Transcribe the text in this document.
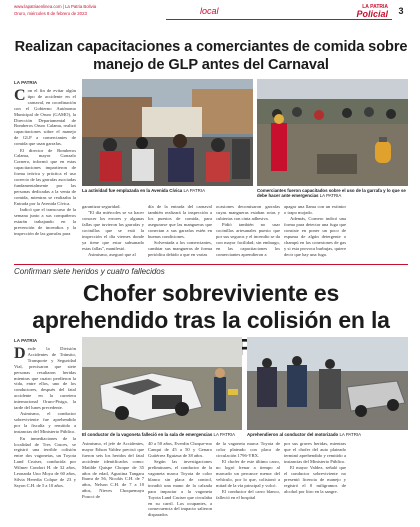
www.lapatriaenlinea.com | La Patria Bolivia
Oruro, miércoles 8 de febrero de 2023	local	LA PATRIA
Policial	3
Realizan capacitaciones a comerciantes de comida sobre manejo de GLP antes del Carnaval
LA PATRIA

Con el fin de evitar algún tipo de accidente en el carnaval, en coordinación con el Gobierno Autónomo Municipal de Oruro (GAMO), la Dirección Departamental de Bomberos Oruro Calama, realizó capacitaciones sobre el manejo de GLP a comerciantes de comida que usan garrafas.

El director de Bomberos Calama, mayor Gonzalo Cornero, informó que en estas capacitaciones impartieron de forma teórica y práctica el uso correcto de las garrafas asociadas fundamentalmente por las personas dedicadas a la venta de comida, mientras se realizaba la Entrada por la Avenida Cívica.

Indicó que el transcurso de la semana junto a sus compañeros estarán trabajando en la prevención de incendios y la inspección de las garrafas para

La actividad fue emplazada en la Avenida Cívica LA PATRIA	Comerciantes fueron capacitados sobre el uso de la garrafa y lo que se debe hacer ante emergencias LA PATRIA

garantizar seguridad.

"El día miércoles se va hacer conocer los errores y algunas fallas que tuvieron las garrafas y cocinillas que se está la inspección el día viernes donde ya tiene que estar subsanado estas fallas", manifestó.

Asimismo, aseguró que al

día de la entrada del carnaval también realizará la inspección a los puestos de comida, para asegurarse que las mangueras que conectan a sus garrafas estén en buenas condiciones.

Solventada a los comerciantes, cambiar sus mangueras de forma periódica debido a que en varias

ocasiones decomisaron garrafas cuyas mangueras estaban rotas y cubiertas con cinta adhesiva.

Pidió también no usar cocinillas artesanales puesto que por sus seguros y el incendio se da con mayor facilidad; sin embargo, en las capacitaciones los comerciantes aprendieron a

apagar una llama con un extintor o trapo mojado.

Además, Cornero indicó una forma para detectar una fuga que consiste en poner un poco de espuma de algún detergente o champú en las conexiones de gas y si esta provoca burbujas, quiere decir que hay una fuga.

Confirman siete heridos y cuatro fallecidos
Chofer sobreviviente es aprehendido tras la colisión en la
LA PATRIA

Desde la División Accidentes de Tránsito, Transporte y Seguridad Vial, precisaron que siete personas resultaron heridas mientras que cuatro perdieron la vida, entre ellos, uno de los conductores, después del fatal accidente en la carretera internacional Oruro-Pisiga, la tarde del lunes precedente.

Asimismo, el conductor sobreviviente fue aprehendido por la fiscalía y remitido a instancias del Ministerio Público.

En inmediaciones de la localidad de Tres Cruces, se registró una terrible colisión entre dos vagonetas, un Toyota Land Cruiser, conducida por Wilmer Condori H. de 32 años, Leonarda Uno Moya de 60 años, Silvia Heredia Colque de 23 y Sayon C.H. de 5 a 10 años.

El conductor de la vagoneta falleció en la sala de emergencias LA PATRIA	Aprehendieron al conductor del motorizado LA PATRIA

Asimismo, el jefe de Accidentes, mayor Edson Valdez precisó que fueron seis los heridos del fatal accidente identificados como: Matilde Quispe Choque de 35 años de edad, Agustina Tangara Ibarra de 56, Nicolás C.H. de 7 años, Nelson C.H. de 7 a 10 años, Nieves Choquemaya Poucci de

40 a 50 años, Everdin Choque-mo Canqui de 45 a 50 y Genaro Gutiérrez Eguizua de 38 años.

Según las investigaciones preliminares, el conductor de la vagoneta marca Toyota de color blanco sin placa de control, invadió una mano de la calzada para impactar a la vagoneta Toyota Land Cruiser que circulaba en su carril. Los ocupantes, a consecuencia del impacto salieron disparados

de la vagoneta marca Toyota de color plateado con placa de circulación 1796-YRX.

El chofer de este último carro, no logró frenar a tiempo al marcado un percance menor del vehículo, por lo que, colisionó a mitad de la vía principal y volcó.

El conductor del carro blanco, falleció en el hospital

por sus graves heridas, mientras que el chofer del auto plateado terminó aprehendido y remitido a instancias del Ministerio Público.

El mayor Valdez, señaló que el conductor sobreviviente no presentó licencia de manejo y registró el 0 miligramos de alcohol por litro en la sangre.
